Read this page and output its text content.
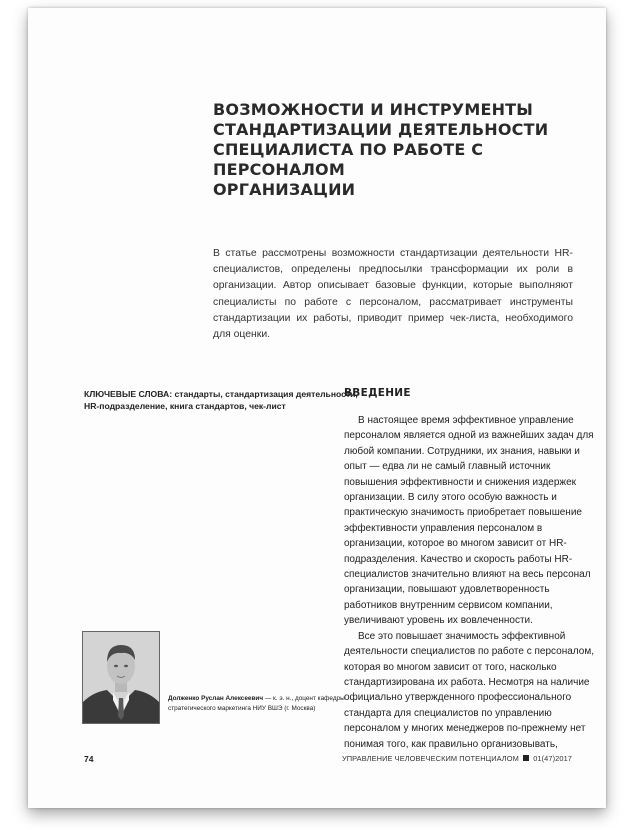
ВОЗМОЖНОСТИ И ИНСТРУМЕНТЫ
СТАНДАРТИЗАЦИИ ДЕЯТЕЛЬНОСТИ
СПЕЦИАЛИСТА ПО РАБОТЕ С ПЕРСОНАЛОМ
ОРГАНИЗАЦИИ
В статье рассмотрены возможности стандартизации деятельности HR-специалистов, определены предпосылки трансформации их роли в организации. Автор описывает базовые функции, которые выполняют специалисты по работе с персоналом, рассматривает инструменты стандартизации их работы, приводит пример чек-листа, необходимого для оценки.
КЛЮЧЕВЫЕ СЛОВА: стандарты, стандартизация деятельности, HR-подразделение, книга стандартов, чек-лист
ВВЕДЕНИЕ

В настоящее время эффективное управление персоналом является одной из важнейших задач для любой компании. Сотрудники, их знания, навыки и опыт — едва ли не самый главный источник повышения эффективности и снижения издержек организации. В силу этого особую важность и практическую значимость приобретает повышение эффективности управления персоналом в организации, которое во многом зависит от HR-подразделения. Качество и скорость работы HR-специалистов значительно влияют на весь персонал организации, повышают удовлетворенность работников внутренним сервисом компании, увеличивают уровень их вовлеченности.

Все это повышает значимость эффективной деятельности специалистов по работе с персоналом, которая во многом зависит от того, насколько стандартизирована их работа. Несмотря на наличие официально утвержденного профессионального стандарта для специалистов по управлению персоналом у многих менеджеров по-прежнему нет понимая того, как правильно организовывать,

Долженко Руслан Алексеевич — к. э. н., доцент кафедры стратегического маркетинга НИУ ВШЭ (г. Москва)
74	УПРАВЛЕНИЕ ЧЕЛОВЕЧЕСКИМ ПОТЕНЦИАЛОМ 01(47)2017
